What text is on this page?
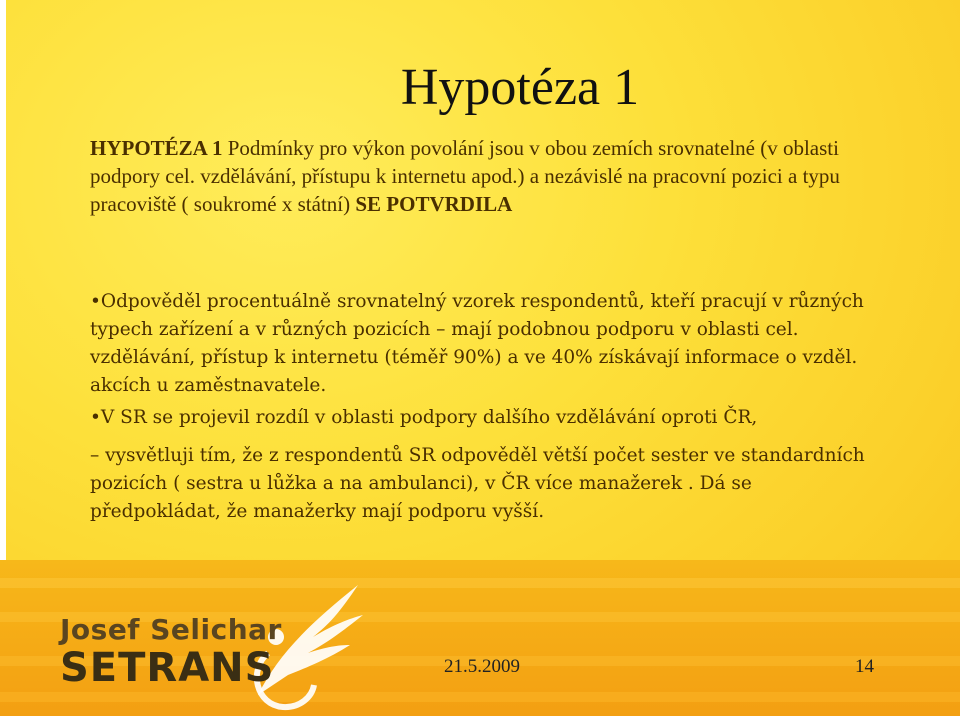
Hypotéza 1
HYPOTÉZA 1 Podmínky pro výkon povolání jsou v obou zemích srovnatelné (v oblasti podpory cel. vzdělávání, přístupu k internetu apod.) a nezávislé na pracovní pozici a typu pracoviště ( soukromé x státní) SE POTVRDILA
•Odpověděl procentuálně srovnatelný vzorek respondentů, kteří pracují v různých typech zařízení a v různých pozicích – mají podobnou podporu v oblasti cel. vzdělávání, přístup k internetu (téměř 90%) a ve 40% získávají informace o vzděl. akcích u zaměstnavatele.
•V SR se projevil rozdíl v oblasti podpory dalšího vzdělávání oproti ČR,
– vysvětluji tím, že z respondentů SR odpověděl větší počet sester ve standardních pozicích ( sestra u lůžka a na ambulanci), v ČR více manažerek . Dá se předpokládat, že manažerky mají podporu vyšší.
Josef Selichar
SETRANS	21.5.2009	14
